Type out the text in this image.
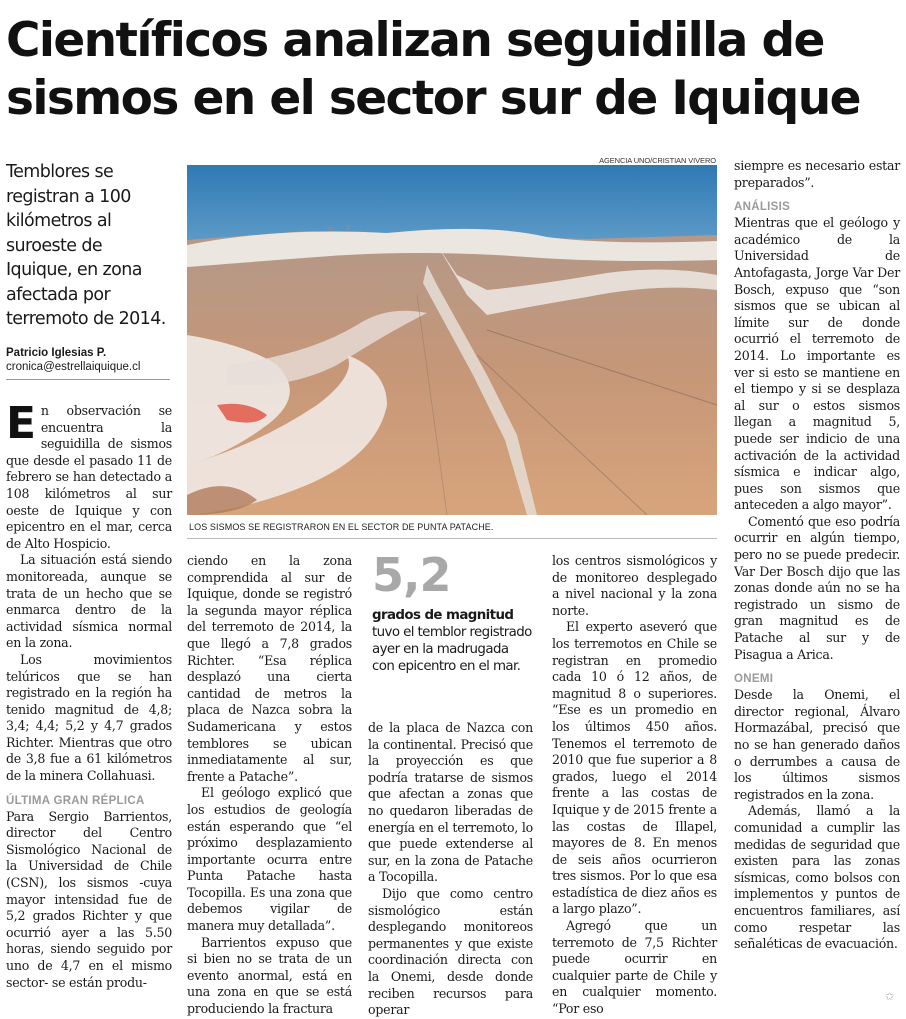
Científicos analizan seguidilla de sismos en el sector sur de Iquique

Temblores se registran a 100 kilómetros al suroeste de Iquique, en zona afectada por terremoto de 2014.

Patricio Iglesias P.
cronica@estrellaiquique.cl
AGENCIA UNO/CRISTIAN VIVERO
LOS SISMOS SE REGISTRARON EN EL SECTOR DE PUNTA PATACHE.

En observación se encuentra la seguidilla de sismos que desde el pasado 11 de febrero se han detectado a 108 kilómetros al sur oeste de Iquique y con epicentro en el mar, cerca de Alto Hospicio.

La situación está siendo monitoreada, aunque se trata de un hecho que se enmarca dentro de la actividad sísmica normal en la zona.

Los movimientos telúricos que se han registrado en la región ha tenido magnitud de 4,8; 3,4; 4,4; 5,2 y 4,7 grados Richter. Mientras que otro de 3,8 fue a 61 kilómetros de la minera Collahuasi.

ÚLTIMA GRAN RÉPLICA

Para Sergio Barrientos, director del Centro Sismológico Nacional de la Universidad de Chile (CSN), los sismos -cuya mayor intensidad fue de 5,2 grados Richter y que ocurrió ayer a las 5.50 horas, siendo seguido por uno de 4,7 en el mismo sector- se están produ-

ciendo en la zona comprendida al sur de Iquique, donde se registró la segunda mayor réplica del terremoto de 2014, la que llegó a 7,8 grados Richter. “Esa réplica desplazó una cierta cantidad de metros la placa de Nazca sobra la Sudamericana y estos temblores se ubican inmediatamente al sur, frente a Patache”.

El geólogo explicó que los estudios de geología están esperando que “el próximo desplazamiento importante ocurra entre Punta Patache hasta Tocopilla. Es una zona que debemos vigilar de manera muy detallada”.

Barrientos expuso que si bien no se trata de un evento anormal, está en una zona en que se está produciendo la fractura

5,2
grados de magnitud tuvo el temblor registrado ayer en la madrugada con epicentro en el mar.

de la placa de Nazca con la continental. Precisó que la proyección es que podría tratarse de sismos que afectan a zonas que no quedaron liberadas de energía en el terremoto, lo que puede extenderse al sur, en la zona de Patache a Tocopilla.

Dijo que como centro sismológico están desplegando monitoreos permanentes y que existe coordinación directa con la Onemi, desde donde reciben recursos para operar

los centros sismológicos y de monitoreo desplegado a nivel nacional y la zona norte.

El experto aseveró que los terremotos en Chile se registran en promedio cada 10 ó 12 años, de magnitud 8 o superiores. “Ese es un promedio en los últimos 450 años. Tenemos el terremoto de 2010 que fue superior a 8 grados, luego el 2014 frente a las costas de Iquique y de 2015 frente a las costas de Illapel, mayores de 8. En menos de seis años ocurrieron tres sismos. Por lo que esa estadística de diez años es a largo plazo”.

Agregó que un terremoto de 7,5 Richter puede ocurrir en cualquier parte de Chile y en cualquier momento. “Por eso

siempre es necesario estar preparados”.

ANÁLISIS

Mientras que el geólogo y académico de la Universidad de Antofagasta, Jorge Var Der Bosch, expuso que “son sismos que se ubican al límite sur de donde ocurrió el terremoto de 2014. Lo importante es ver si esto se mantiene en el tiempo y si se desplaza al sur o estos sismos llegan a magnitud 5, puede ser indicio de una activación de la actividad sísmica e indicar algo, pues son sismos que anteceden a algo mayor”.

Comentó que eso podría ocurrir en algún tiempo, pero no se puede predecir. Var Der Bosch dijo que las zonas donde aún no se ha registrado un sismo de gran magnitud es de Patache al sur y de Pisagua a Arica.

ONEMI

Desde la Onemi, el director regional, Álvaro Hormazábal, precisó que no se han generado daños o derrumbes a causa de los últimos sismos registrados en la zona.

Además, llamó a la comunidad a cumplir las medidas de seguridad que existen para las zonas sísmicas, como bolsos con implementos y puntos de encuentros familiares, así como respetar las señaléticas de evacuación.

✩
